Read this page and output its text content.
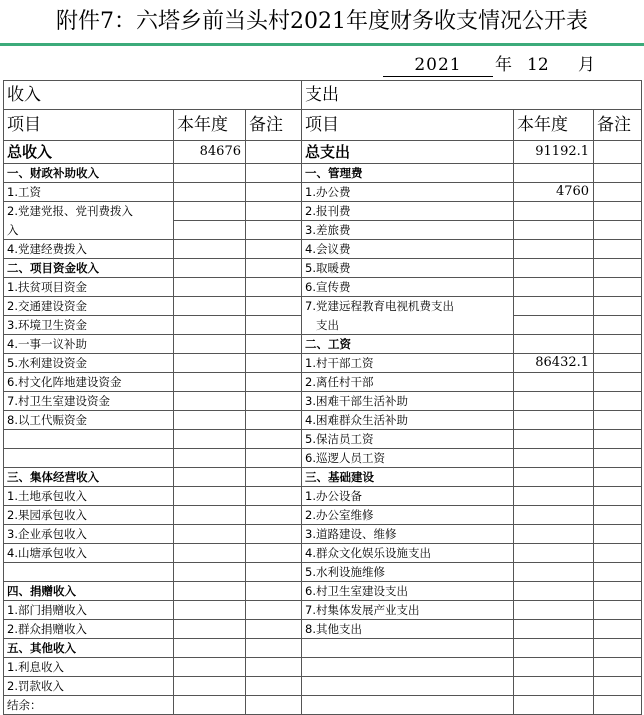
附件7：六塔乡前当头村2021年度财务收支情况公开表
2021	年 12 月
收入			支出		
项目	本年度	备注	项目	本年度	备注
总收入	84676		总支出	91192.1	
一、财政补助收入			一、管理费		
1.工资			1.办公费	4760	
2.党建党报、党刊费拨入			2.报刊费		
入			3.差旅费		
4.党建经费拨入			4.会议费		
二、项目资金收入			5.取暖费		
1.扶贫项目资金			6.宣传费		
2.交通建设资金			7.党建远程教育电视机费支出		
3.环境卫生资金			支出		
4.一事一议补助			二、工资		
5.水利建设资金			1.村干部工资	86432.1	
6.村文化阵地建设资金			2.离任村干部		
7.村卫生室建设资金			3.困难干部生活补助		
8.以工代赈资金			4.困难群众生活补助		
			5.保洁员工资		
			6.巡逻人员工资		
三、集体经营收入			三、基础建设		
1.土地承包收入			1.办公设备		
2.果园承包收入			2.办公室维修		
3.企业承包收入			3.道路建设、维修		
4.山塘承包收入			4.群众文化娱乐设施支出		
			5.水利设施维修		
四、捐赠收入			6.村卫生室建设支出		
1.部门捐赠收入			7.村集体发展产业支出		
2.群众捐赠收入			8.其他支出		
五、其他收入					
1.利息收入					
2.罚款收入					
结余：					
